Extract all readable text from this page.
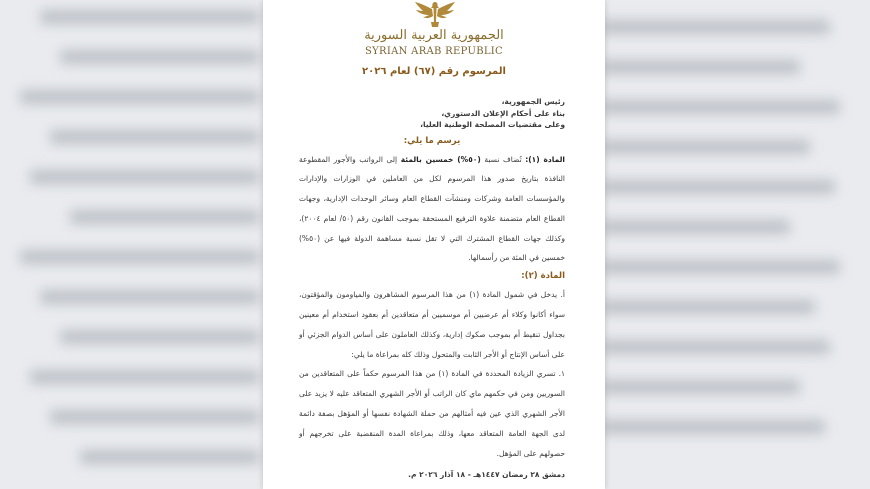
الجمهورية العربية السورية
SYRIAN ARAB REPUBLIC
المرسوم رقم (٦٧) لعام ٢٠٢٦
رئيس الجمهورية،
بناء على أحكام الإعلان الدستوري،
وعلى مقتضيات المصلحة الوطنية العليا،
يرسم ما يلي:
المادة (١): تُضاف نسبة (٥٠%) خمسين بالمئة إلى الرواتب والأجور المقطوعة النافذة بتاريخ صدور هذا المرسوم لكل من العاملين في الوزارات والإدارات والمؤسسات العامة وشركات ومنشآت القطاع العام وسائر الوحدات الإدارية، وجهات القطاع العام متضمنة علاوة الترفيع المستحقة بموجب القانون رقم (٥٠/ لعام ٢٠٠٤)، وكذلك جهات القطاع المشترك التي لا تقل نسبة مساهمة الدولة فيها عن (٥٠%) خمسين في المئة من رأسمالها.
المادة (٢):
أ. يدخل في شمول المادة (١) من هذا المرسوم المشاهرون والمياومون والمؤقتون، سواء أكانوا وكلاء أم عرضيين أم موسميين أم متعاقدين أم بعقود استخدام أم معينين بجداول تنقيط أم بموجب صكوك إدارية، وكذلك العاملون على أساس الدوام الجزئي أو على أساس الإنتاج أو الأجر الثابت والمتحول وذلك كله بمراعاة ما يلي:
١. تسري الزيادة المحددة في المادة (١) من هذا المرسوم حكماً على المتعاقدين من السوريين ومن في حكمهم ماي كان الراتب أو الأجر الشهري المتعاقد عليه لا يزيد على الأجر الشهري الذي عين فيه أمثالهم من حملة الشهادة نفسها أو المؤهل بصفة دائمة لدى الجهة العامة المتعاقد معها، وذلك بمراعاة المدة المنقضية على تخرجهم أو حصولهم على المؤهل.
دمشق ٢٨ رمضان ١٤٤٧هـ - ١٨ آذار ٢٠٢٦ م.
